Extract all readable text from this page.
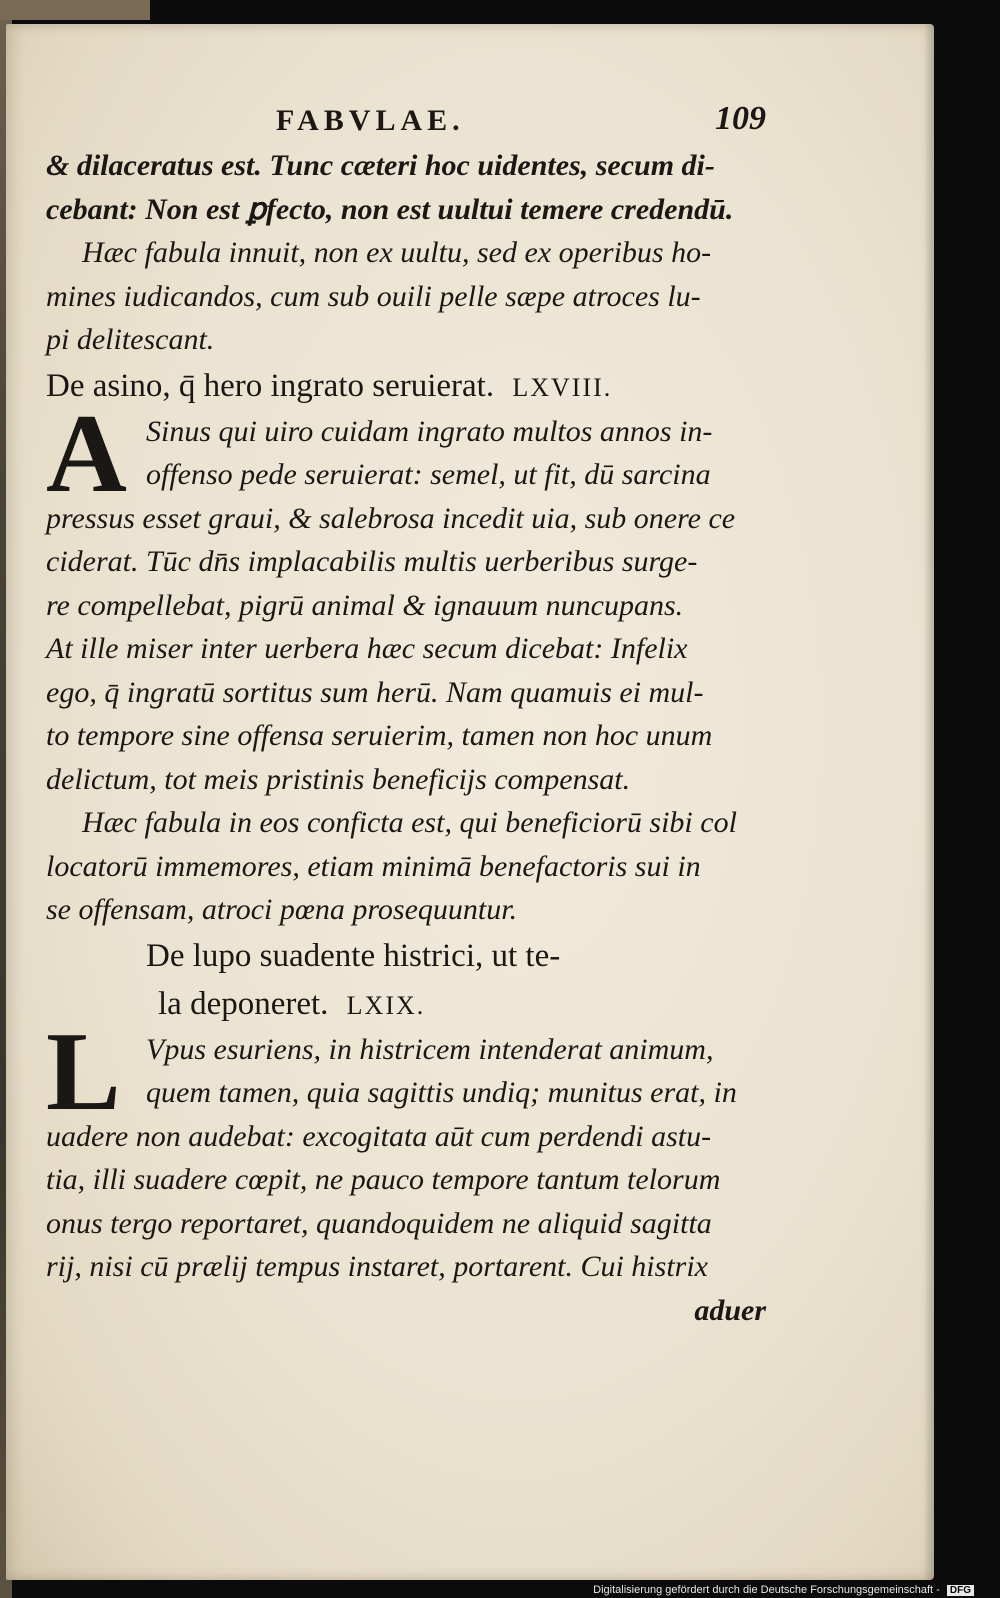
FABVLAE.	109
& dilaceratus est. Tunc cæteri hoc uidentes, secum di-
cebant: Non est ꝑfecto, non est uultui temere credendū.
Hæc fabula innuit, non ex uultu, sed ex operibus ho-
mines iudicandos, cum sub ouili pelle sæpe atroces lu-
pi delitescant.
De asino, q̄ hero ingrato seruierat. LXVIII.
A Sinus qui uiro cuidam ingrato multos annos in-
offenso pede seruierat: semel, ut fit, dū sarcina
pressus esset graui, & salebrosa incedit uia, sub onere ce
ciderat. Tūc dn̄s implacabilis multis uerberibus surge-
re compellebat, pigrū animal & ignauum nuncupans.
At ille miser inter uerbera hæc secum dicebat: Infelix
ego, q̄ ingratū sortitus sum herū. Nam quamuis ei mul-
to tempore sine offensa seruierim, tamen non hoc unum
delictum, tot meis pristinis beneficijs compensat.
Hæc fabula in eos conficta est, qui beneficiorū sibi col
locatorū immemores, etiam minimā benefactoris sui in
se offensam, atroci pœna prosequuntur.
De lupo suadente histrici, ut te-
la deponeret. LXIX.
L Vpus esuriens, in histricem intenderat animum,
quem tamen, quia sagittis undiq; munitus erat, in
uadere non audebat: excogitata aūt cum perdendi astu-
tia, illi suadere cœpit, ne pauco tempore tantum telorum
onus tergo reportaret, quandoquidem ne aliquid sagitta
rij, nisi cū prælij tempus instaret, portarent. Cui histrix
aduer
Digitalisierung gefördert durch die Deutsche Forschungsgemeinschaft - DFG
